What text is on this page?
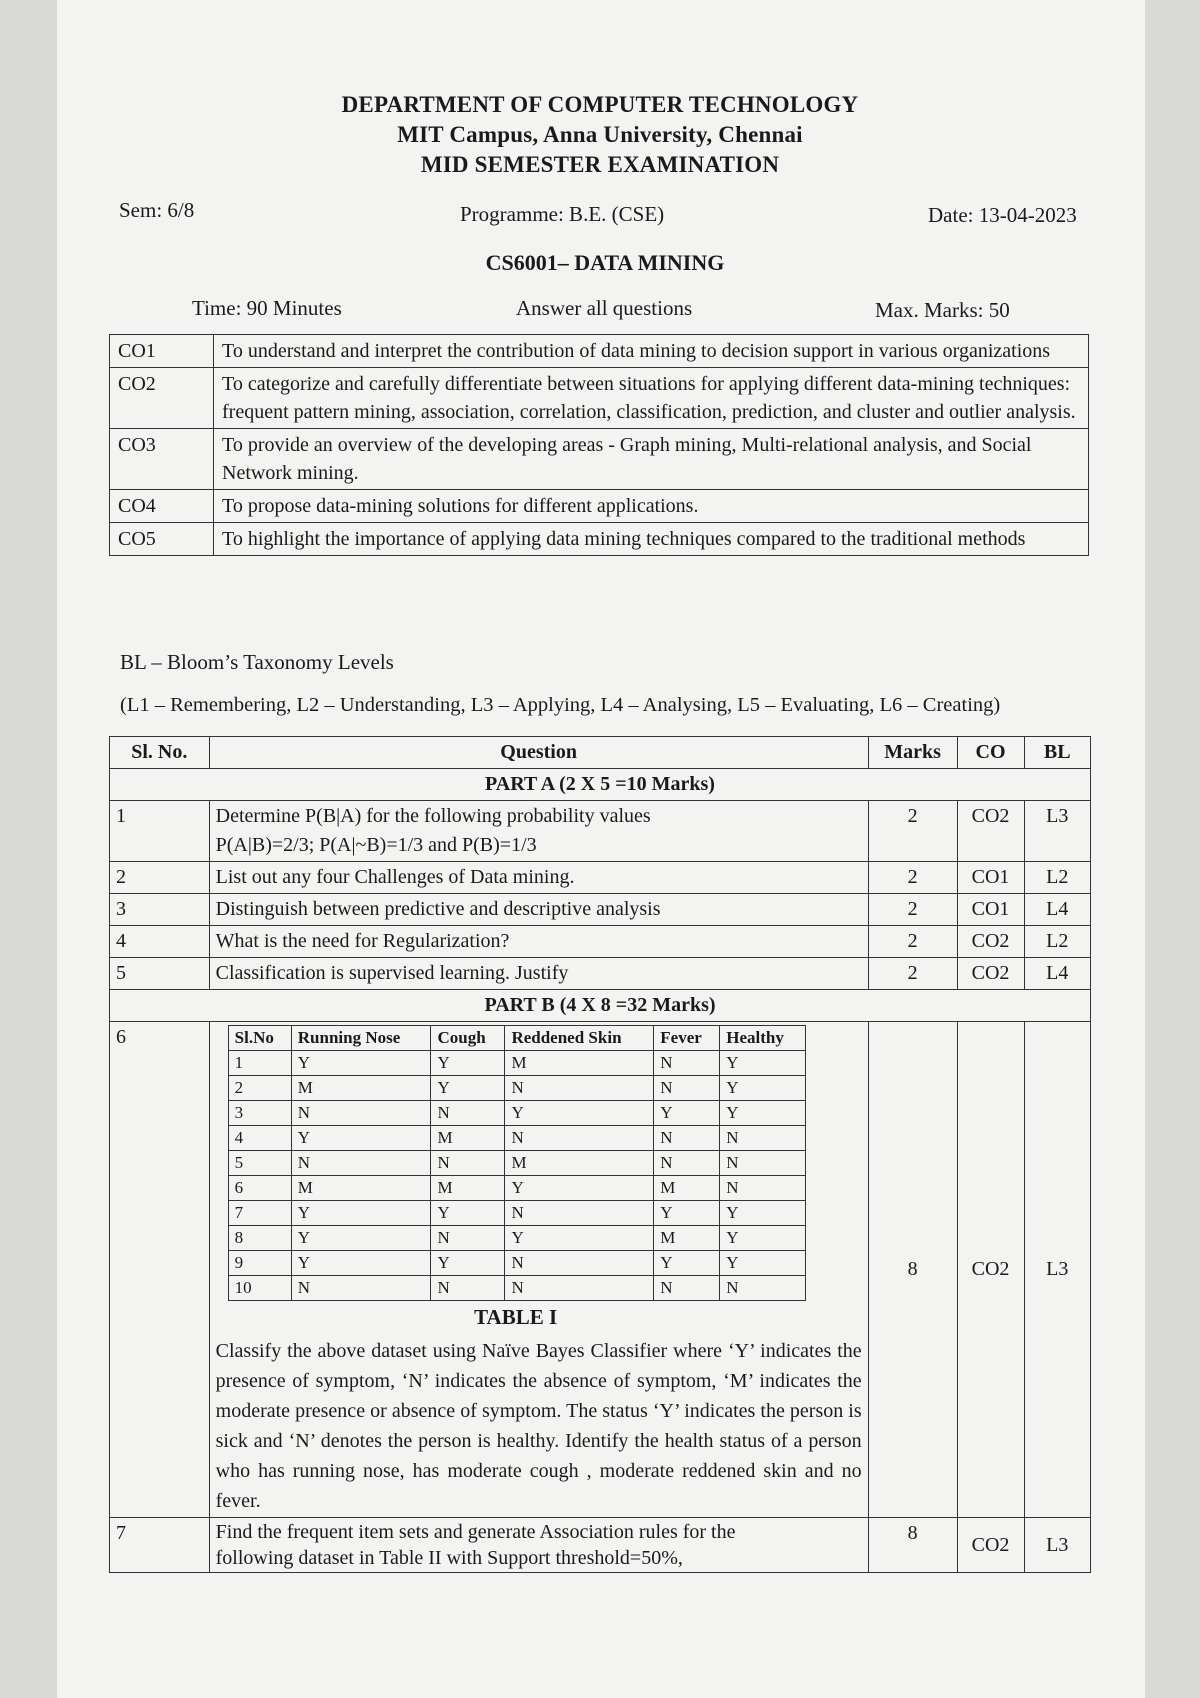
DEPARTMENT OF COMPUTER TECHNOLOGY
MIT Campus, Anna University, Chennai
MID SEMESTER EXAMINATION
Sem: 6/8	Programme: B.E. (CSE)	Date: 13-04-2023
CS6001– DATA MINING
Time: 90 Minutes	Answer all questions	Max. Marks: 50
CO1	To understand and interpret the contribution of data mining to decision support in various organizations
CO2	To categorize and carefully differentiate between situations for applying different data-mining techniques: frequent pattern mining, association, correlation, classification, prediction, and cluster and outlier analysis.
CO3	To provide an overview of the developing areas - Graph mining, Multi-relational analysis, and Social Network mining.
CO4	To propose data-mining solutions for different applications.
CO5	To highlight the importance of applying data mining techniques compared to the traditional methods
BL – Bloom’s Taxonomy Levels
(L1 – Remembering, L2 – Understanding, L3 – Applying, L4 – Analysing, L5 – Evaluating, L6 – Creating)
Sl. No.	Question	Marks	CO	BL
PART A (2 X 5 =10 Marks)
1	Determine P(B|A) for the following probability values
P(A|B)=2/3; P(A|~B)=1/3 and P(B)=1/3
	2	CO2	L3
2	List out any four Challenges of Data mining.	2	CO1	L2
3	Distinguish between predictive and descriptive analysis	2	CO1	L4
4	What is the need for Regularization?	2	CO2	L2
5	Classification is supervised learning. Justify	2	CO2	L4
PART B (4 X 8 =32 Marks)
6		Sl.No	Running Nose	Cough	Reddened Skin	Fever	Healthy
1	Y	Y	M	N	Y
2	M	Y	N	N	Y
3	N	N	Y	Y	Y
4	Y	M	N	N	N
5	N	N	M	N	N
6	M	M	Y	M	N
7	Y	Y	N	Y	Y
8	Y	N	Y	M	Y
9	Y	Y	N	Y	Y
10	N	N	N	N	N
TABLE I
Classify the above dataset using Naïve Bayes Classifier where ‘Y’ indicates the presence of symptom, ‘N’ indicates the absence of symptom, ‘M’ indicates the moderate presence or absence of symptom. The status ‘Y’ indicates the person is sick and ‘N’ denotes the person is healthy. Identify the health status of a person who has running nose, has moderate cough , moderate reddened skin and no fever.
	8	CO2	L3
7	Find the frequent item sets and generate Association rules for the
following dataset in Table II with Support threshold=50%,
	8	CO2	L3
